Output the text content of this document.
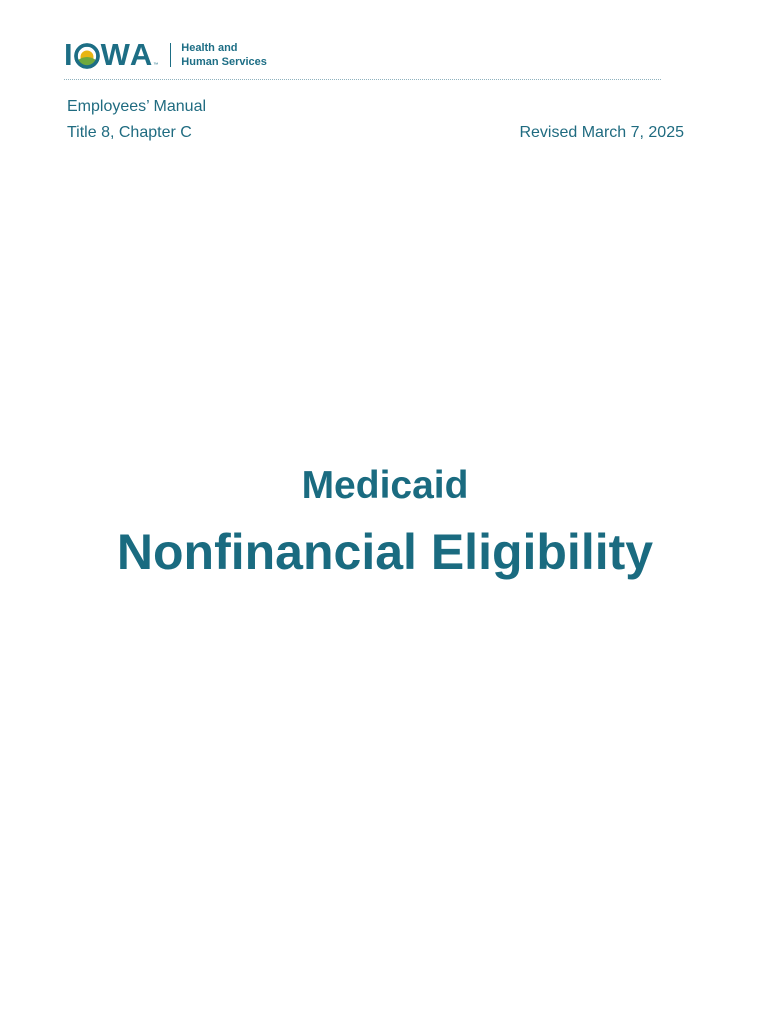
I W A ™
Health and
Human Services
Employees’ Manual
Title 8, Chapter C	Revised March 7, 2025
Medicaid
Nonfinancial Eligibility
